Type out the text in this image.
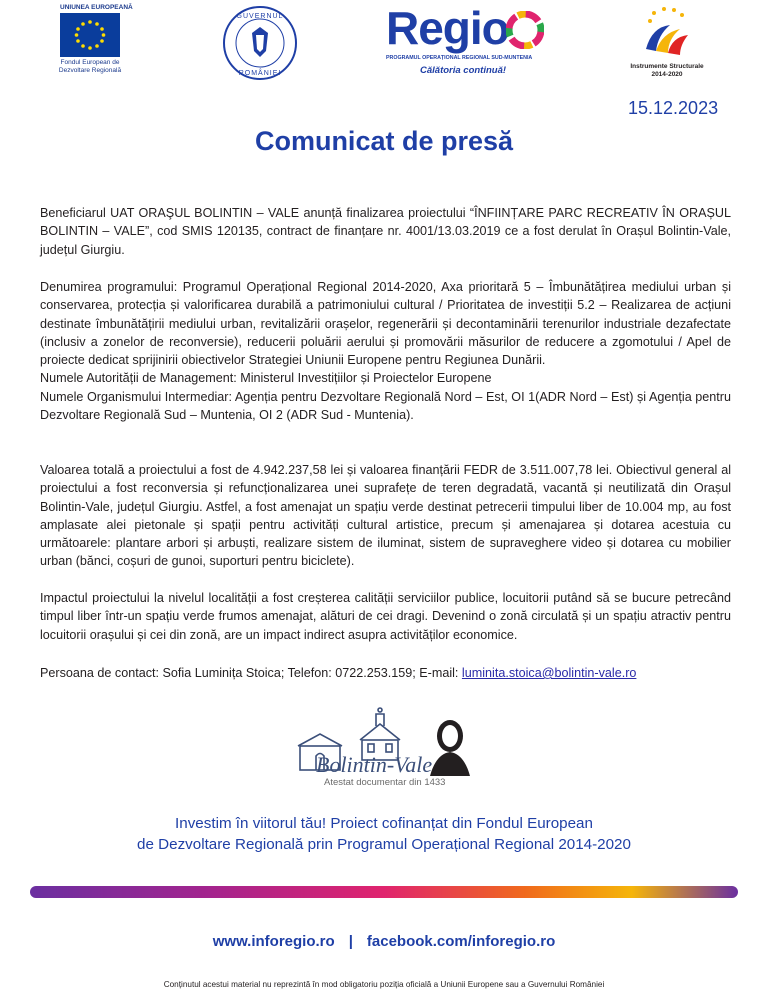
UNIUNEA EUROPEANĂ
Fondul European de Dezvoltare Regională
GUVERNUL
ROMÂNIEI
Regio
PROGRAMUL OPERAȚIONAL REGIONAL SUD-MUNTENIA
Călătoria continuă!	Instrumente Structurale 2014-2020
15.12.2023
Comunicat de presă

Beneficiarul UAT ORAŞUL BOLINTIN – VALE anunță finalizarea proiectului “ÎNFIINȚARE PARC RECREATIV ÎN ORAȘUL BOLINTIN – VALE”, cod SMIS 120135, contract de finanțare nr. 4001/13.03.2019 ce a fost derulat în Orașul Bolintin-Vale, județul Giurgiu.

Denumirea programului: Programul Operațional Regional 2014-2020, Axa prioritară 5 – Îmbunătățirea mediului urban și conservarea, protecția și valorificarea durabilă a patrimoniului cultural / Prioritatea de investiții 5.2 – Realizarea de acțiuni destinate îmbunătățirii mediului urban, revitalizării orașelor, regenerării și decontaminării terenurilor industriale dezafectate (inclusiv a zonelor de reconversie), reducerii poluării aerului și promovării măsurilor de reducere a zgomotului / Apel de proiecte dedicat sprijinirii obiectivelor Strategiei Uniunii Europene pentru Regiunea Dunării.

Numele Autorității de Management: Ministerul Investițiilor și Proiectelor Europene

Numele Organismului Intermediar: Agenția pentru Dezvoltare Regională Nord – Est, OI 1(ADR Nord – Est) și Agenția pentru Dezvoltare Regională Sud – Muntenia, OI 2 (ADR Sud - Muntenia).

Valoarea totală a proiectului a fost de 4.942.237,58 lei și valoarea finanțării FEDR de 3.511.007,78 lei. Obiectivul general al proiectului a fost reconversia și refuncționalizarea unei suprafețe de teren degradată, vacantă și neutilizată din Orașul Bolintin-Vale, județul Giurgiu. Astfel, a fost amenajat un spațiu verde destinat petrecerii timpului liber de 10.004 mp, au fost amplasate alei pietonale și spații pentru activități cultural artistice, precum și amenajarea și dotarea acestuia cu următoarele: plantare arbori și arbuști, realizare sistem de iluminat, sistem de supraveghere video și dotarea cu mobilier urban (bănci, coșuri de gunoi, suporturi pentru biciclete).

Impactul proiectului la nivelul localității a fost creșterea calității serviciilor publice, locuitorii putând să se bucure petrecând timpul liber într-un spațiu verde frumos amenajat, alături de cei dragi. Devenind o zonă circulată și un spațiu atractiv pentru locuitorii orașului și cei din zonă, are un impact indirect asupra activităților economice.

Persoana de contact: Sofia Luminița Stoica; Telefon: 0722.253.159; E-mail: luminita.stoica@bolintin-vale.ro
Bolintin-Vale
Atestat documentar din 1433
Investim în viitorul tău! Proiect cofinanțat din Fondul European
de Dezvoltare Regională prin Programul Operațional Regional 2014-2020
www.inforegio.ro | facebook.com/inforegio.ro
Conținutul acestui material nu reprezintă în mod obligatoriu poziția oficială a Uniunii Europene sau a Guvernului României
